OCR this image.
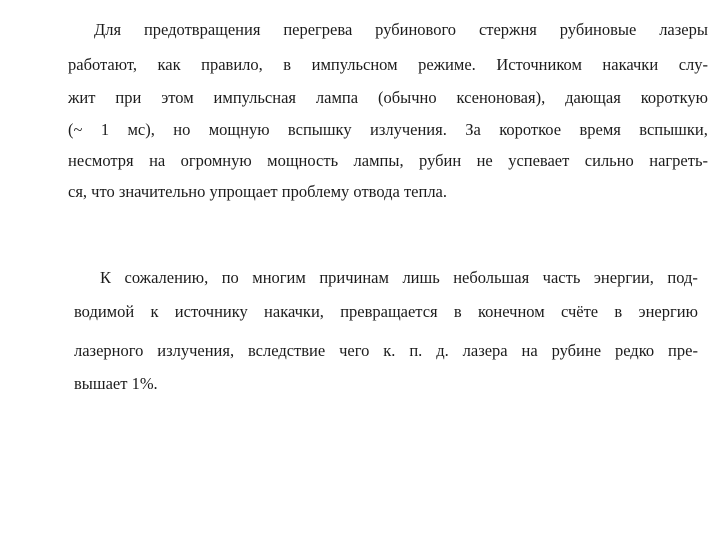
Для предотвращения перегрева рубинового стержня рубиновые лазеры
работают, как правило, в импульсном режиме. Источником накачки слу-
жит при этом импульсная лампа (обычно ксеноновая), дающая короткую
(~ 1 мс), но мощную вспышку излучения. За короткое время вспышки,
несмотря на огромную мощность лампы, рубин не успевает сильно нагреть-
ся, что значительно упрощает проблему отвода тепла.
К сожалению, по многим причинам лишь небольшая часть энергии, под-
водимой к источнику накачки, превращается в конечном счёте в энергию
лазерного излучения, вследствие чего к. п. д. лазера на рубине редко пре-
вышает 1%.
